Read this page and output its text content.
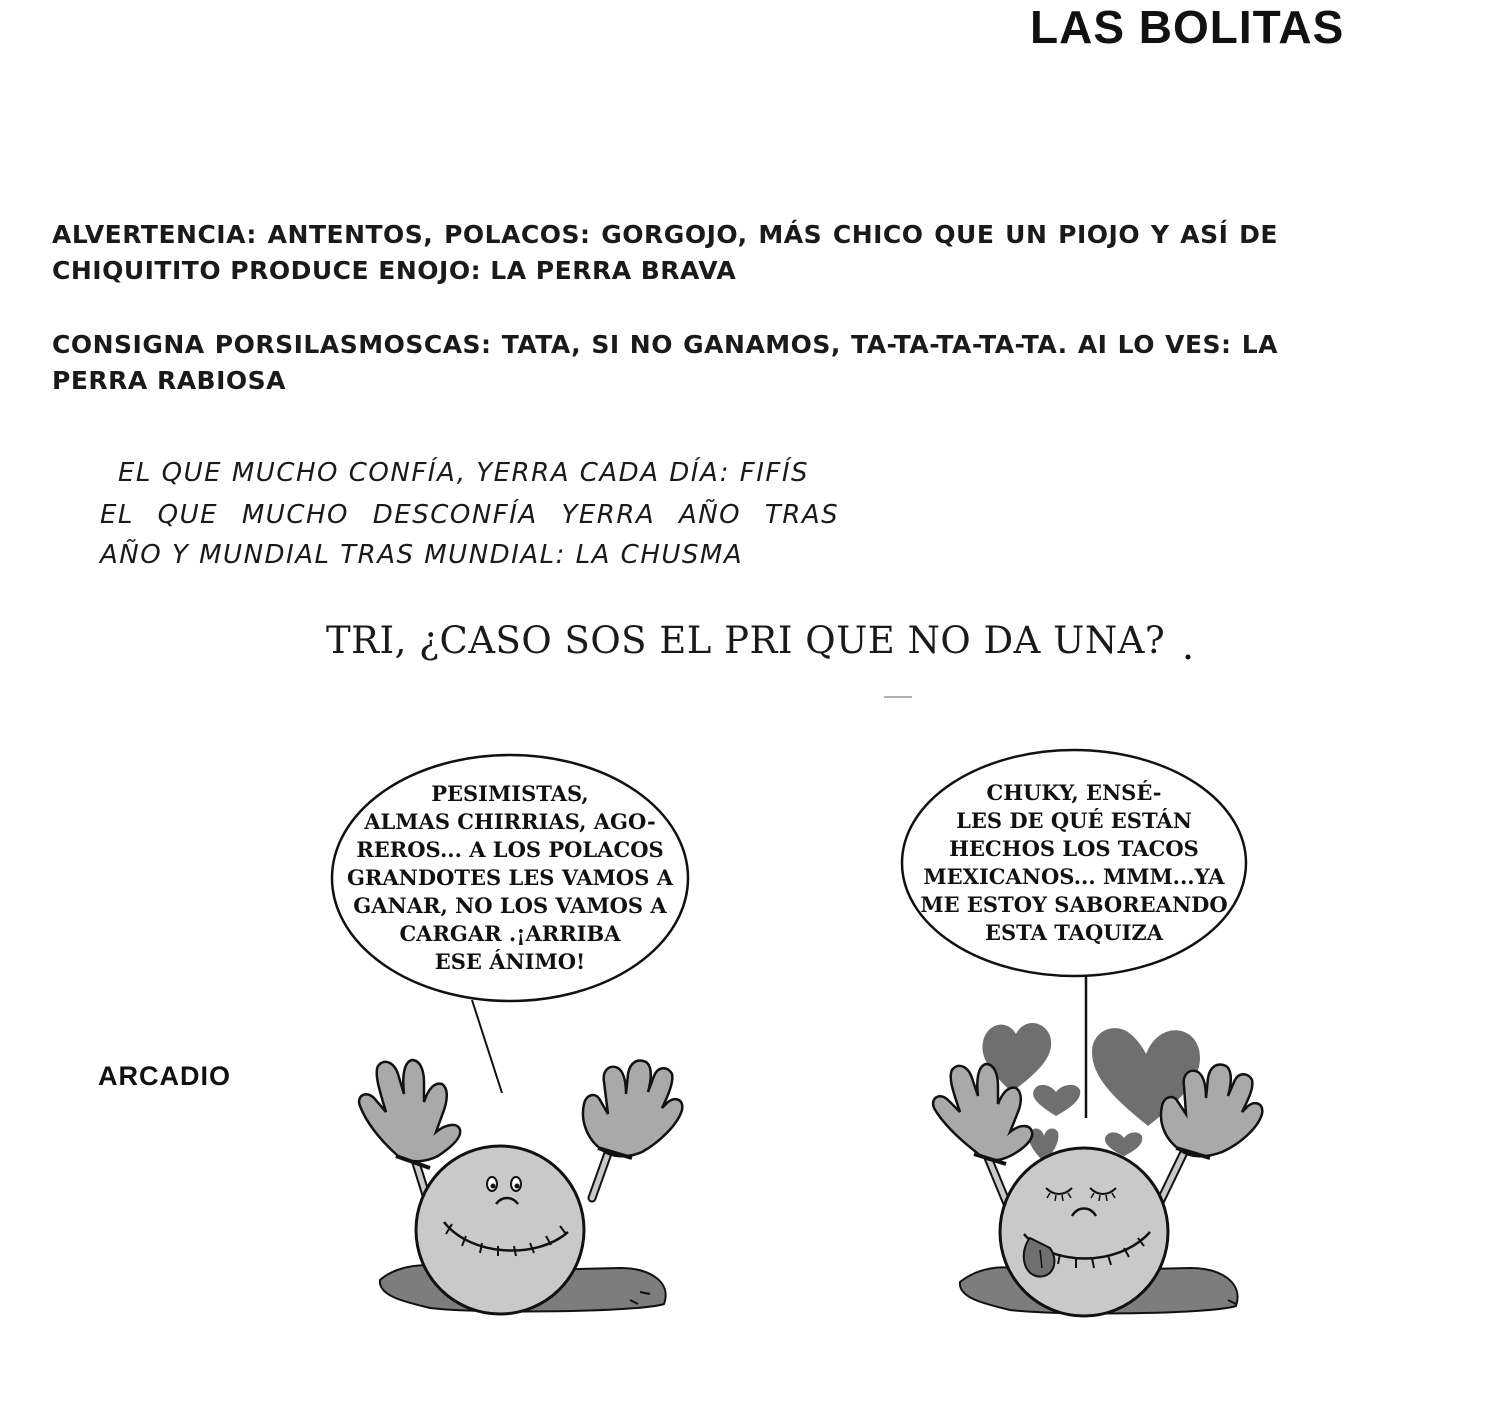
LAS BOLITAS
ALVERTENCIA: ANTENTOS, POLACOS: GORGOJO, MÁS CHICO QUE UN PIOJO Y ASÍ DE CHIQUITITO PRODUCE ENOJO: LA PERRA BRAVA
CONSIGNA PORSILASMOSCAS: TATA, SI NO GANAMOS, TA-TA-TA-TA-TA. AI LO VES: LA PERRA RABIOSA
EL QUE MUCHO CONFÍA, YERRA CADA DÍA: FIFÍS
EL QUE MUCHO DESCONFÍA YERRA AÑO TRAS
AÑO Y MUNDIAL TRAS MUNDIAL: LA CHUSMA
TRI, ¿CASO SOS EL PRI QUE NO DA UNA?
ARCADIO
PESIMISTAS,
ALMAS CHIRRIAS, AGO-
REROS... A LOS POLACOS
GRANDOTES LES VAMOS A
GANAR, NO LOS VAMOS A
CARGAR .¡ARRIBA
ESE ÁNIMO!
CHUKY, ENSÉ-
LES DE QUÉ ESTÁN
HECHOS LOS TACOS
MEXICANOS... MMM...YA
ME ESTOY SABOREANDO
ESTA TAQUIZA
